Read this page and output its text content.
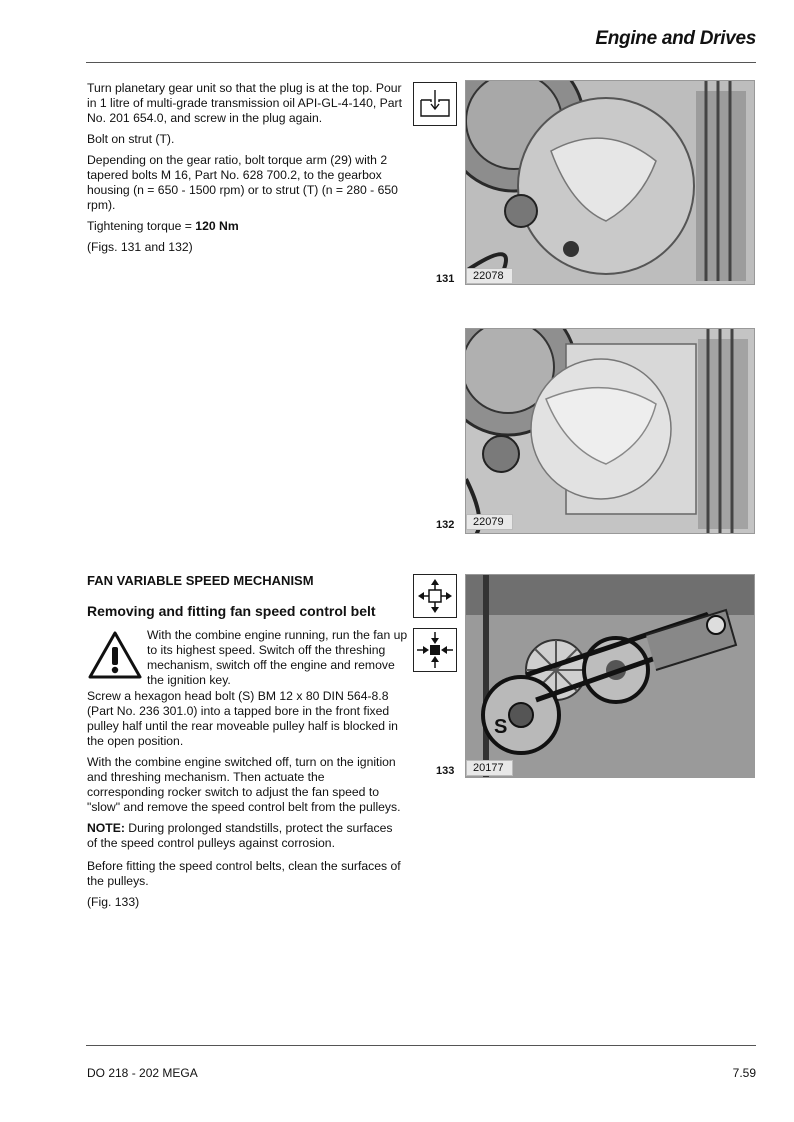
Engine and Drives

Turn planetary gear unit so that the plug is at the top. Pour in 1 litre of multi-grade transmission oil API-GL-4-140, Part No. 201 654.0, and screw in the plug again.

Bolt on strut (T).

Depending on the gear ratio, bolt torque arm (29) with 2 tapered bolts M 16, Part No. 628 700.2, to the gearbox housing (n = 650 - 1500 rpm) or to strut (T) (n = 280 - 650 rpm).

Tightening torque = 120 Nm

(Figs. 131 and 132)

131	22078
132	22079
FAN VARIABLE SPEED MECHANISM
Removing and fitting fan speed control belt
With the combine engine running, run the fan up to its highest speed. Switch off the threshing mechanism, switch off the engine and remove the ignition key.

Screw a hexagon head bolt (S) BM 12 x 80 DIN 564-8.8 (Part No. 236 301.0) into a tapped bore in the front fixed pulley half until the rear moveable pulley half is blocked in the open position.

With the combine engine switched off, turn on the ignition and threshing mechanism. Then actuate the corresponding rocker switch to adjust the fan speed to "slow" and remove the speed control belt from the pulleys.

NOTE: During prolonged standstills, protect the surfaces of the speed control pulleys against corrosion.

Before fitting the speed control belts, clean the surfaces of the pulleys.

(Fig. 133)

S
133	20177
DO 218 - 202 MEGA	7.59
